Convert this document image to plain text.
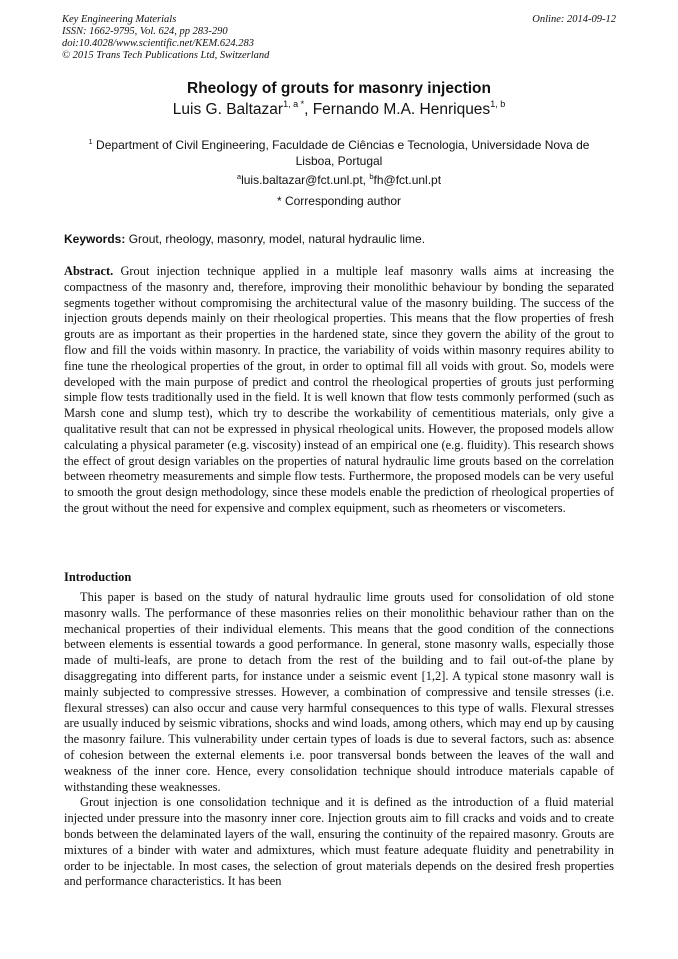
Key Engineering Materials
ISSN: 1662-9795, Vol. 624, pp 283-290
doi:10.4028/www.scientific.net/KEM.624.283
© 2015 Trans Tech Publications Ltd, Switzerland
Online: 2014-09-12
Rheology of grouts for masonry injection
Luis G. Baltazar$^{1, a *}$, Fernando M.A. Henriques$^{1, b}$
$^1$ Department of Civil Engineering, Faculdade de Ciências e Tecnologia, Universidade Nova de Lisboa, Portugal
$^a$luis.baltazar@fct.unl.pt, $^b$fh@fct.unl.pt
* Corresponding author
Keywords: Grout, rheology, masonry, model, natural hydraulic lime.

Abstract. Grout injection technique applied in a multiple leaf masonry walls aims at increasing the compactness of the masonry and, therefore, improving their monolithic behaviour by bonding the separated segments together without compromising the architectural value of the masonry building. The success of the injection grouts depends mainly on their rheological properties. This means that the flow properties of fresh grouts are as important as their properties in the hardened state, since they govern the ability of the grout to flow and fill the voids within masonry. In practice, the variability of voids within masonry requires ability to fine tune the rheological properties of the grout, in order to optimal fill all voids with grout. So, models were developed with the main purpose of predict and control the rheological properties of grouts just performing simple flow tests traditionally used in the field. It is well known that flow tests commonly performed (such as Marsh cone and slump test), which try to describe the workability of cementitious materials, only give a qualitative result that can not be expressed in physical rheological units. However, the proposed models allow calculating a physical parameter (e.g. viscosity) instead of an empirical one (e.g. fluidity). This research shows the effect of grout design variables on the properties of natural hydraulic lime grouts based on the correlation between rheometry measurements and simple flow tests. Furthermore, the proposed models can be very useful to smooth the grout design methodology, since these models enable the prediction of rheological properties of the grout without the need for expensive and complex equipment, such as rheometers or viscometers.

Introduction

This paper is based on the study of natural hydraulic lime grouts used for consolidation of old stone masonry walls. The performance of these masonries relies on their monolithic behaviour rather than on the mechanical properties of their individual elements. This means that the good condition of the connections between elements is essential towards a good performance. In general, stone masonry walls, especially those made of multi-leafs, are prone to detach from the rest of the building and to fail out-of-the plane by disaggregating into different parts, for instance under a seismic event [1,2]. A typical stone masonry wall is mainly subjected to compressive stresses. However, a combination of compressive and tensile stresses (i.e. flexural stresses) can also occur and cause very harmful consequences to this type of walls. Flexural stresses are usually induced by seismic vibrations, shocks and wind loads, among others, which may end up by causing the masonry failure. This vulnerability under certain types of loads is due to several factors, such as: absence of cohesion between the external elements i.e. poor transversal bonds between the leaves of the wall and weakness of the inner core. Hence, every consolidation technique should introduce materials capable of withstanding these weaknesses.

Grout injection is one consolidation technique and it is defined as the introduction of a fluid material injected under pressure into the masonry inner core. Injection grouts aim to fill cracks and voids and to create bonds between the delaminated layers of the wall, ensuring the continuity of the repaired masonry. Grouts are mixtures of a binder with water and admixtures, which must feature adequate fluidity and penetrability in order to be injectable. In most cases, the selection of grout materials depends on the desired fresh properties and performance characteristics. It has been
